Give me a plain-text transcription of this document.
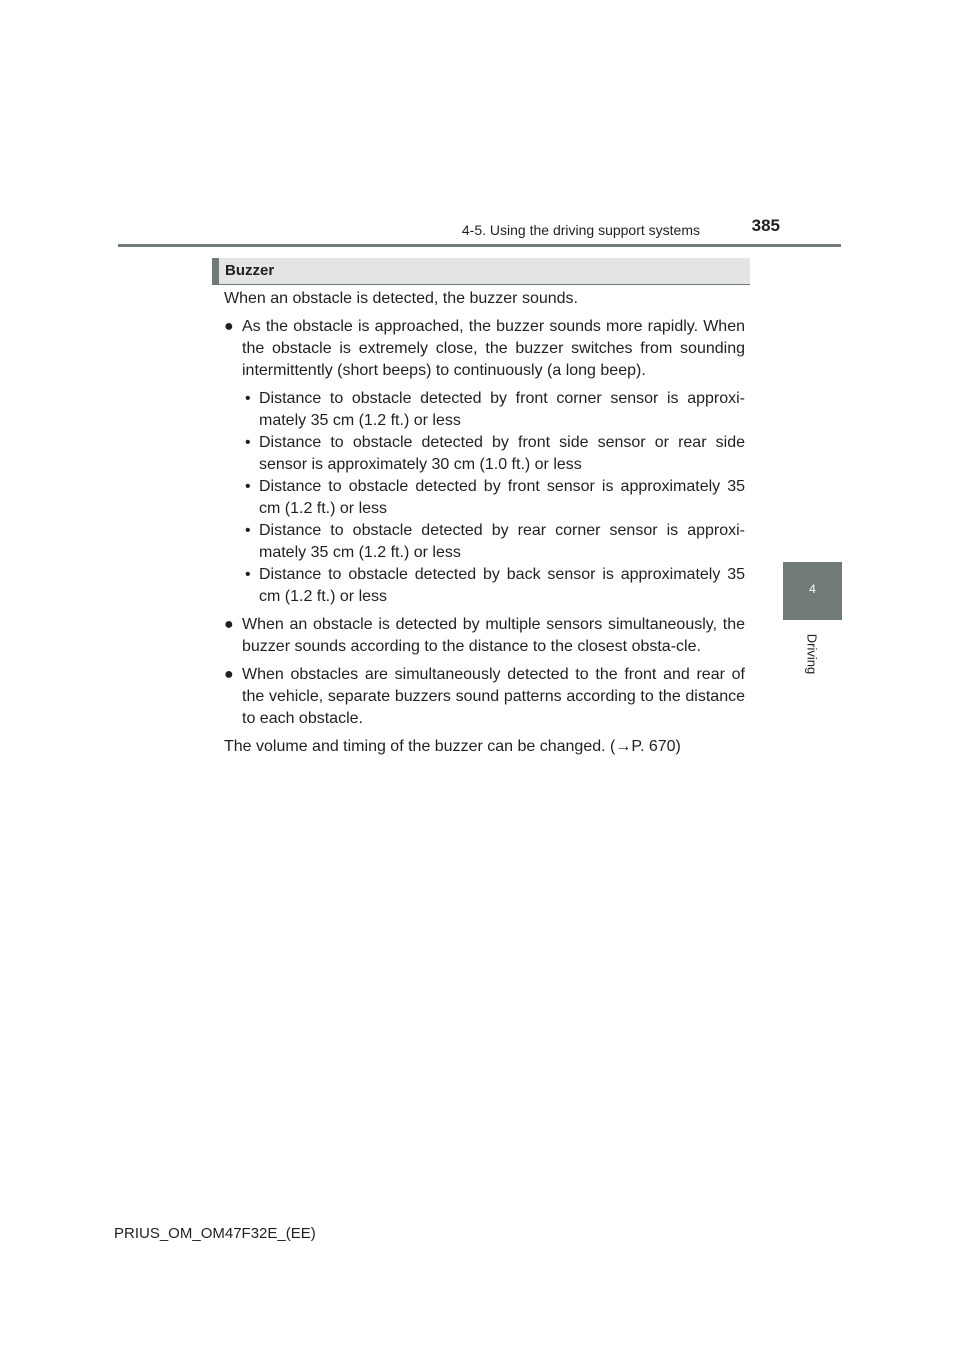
4-5. Using the driving support systems	385
4
Driving
Buzzer

When an obstacle is detected, the buzzer sounds.

● As the obstacle is approached, the buzzer sounds more rapidly. When the obstacle is extremely close, the buzzer switches from sounding intermittently (short beeps) to continuously (a long beep).
• Distance to obstacle detected by front corner sensor is approxi-mately 35 cm (1.2 ft.) or less
• Distance to obstacle detected by front side sensor or rear side sensor is approximately 30 cm (1.0 ft.) or less
• Distance to obstacle detected by front sensor is approximately 35 cm (1.2 ft.) or less
• Distance to obstacle detected by rear corner sensor is approxi-mately 35 cm (1.2 ft.) or less
• Distance to obstacle detected by back sensor is approximately 35 cm (1.2 ft.) or less
● When an obstacle is detected by multiple sensors simultaneously, the buzzer sounds according to the distance to the closest obsta-cle.
● When obstacles are simultaneously detected to the front and rear of the vehicle, separate buzzers sound patterns according to the distance to each obstacle.

The volume and timing of the buzzer can be changed. (→P. 670)

PRIUS_OM_OM47F32E_(EE)
